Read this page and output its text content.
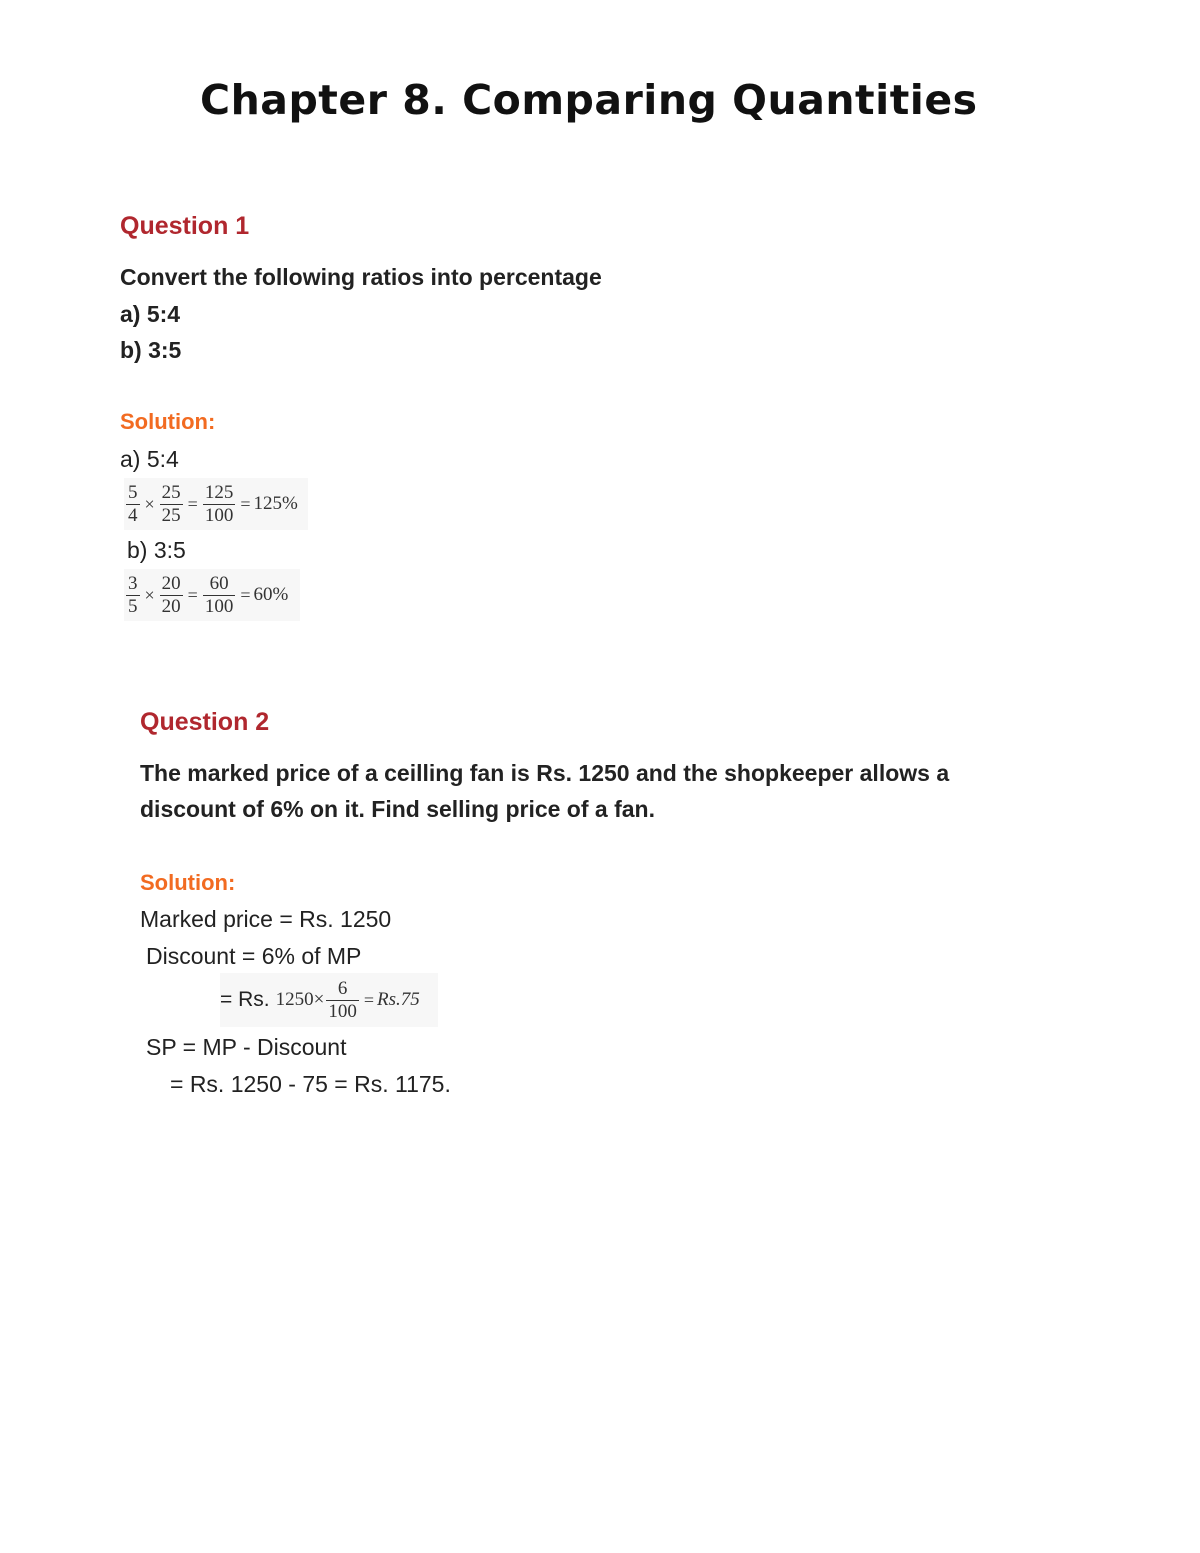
Chapter 8. Comparing Quantities
Question 1
Convert the following ratios into percentage
a) 5:4
b) 3:5
Solution:
a) 5:4
$\frac{5}{4} \times \frac{25}{25} = \frac{125}{100} = 125\%$
b) 3:5
$\frac{3}{5} \times \frac{20}{20} = \frac{60}{100} = 60\%$
Question 2
The marked price of a ceilling fan is Rs. 1250 and the shopkeeper allows a
discount of 6% on it. Find selling price of a fan.
Solution:
Marked price = Rs. 1250
Discount = 6% of MP
= Rs. $1250\times \frac{6}{100} = Rs.75$
SP = MP - Discount
= Rs. 1250 - 75 = Rs. 1175.
